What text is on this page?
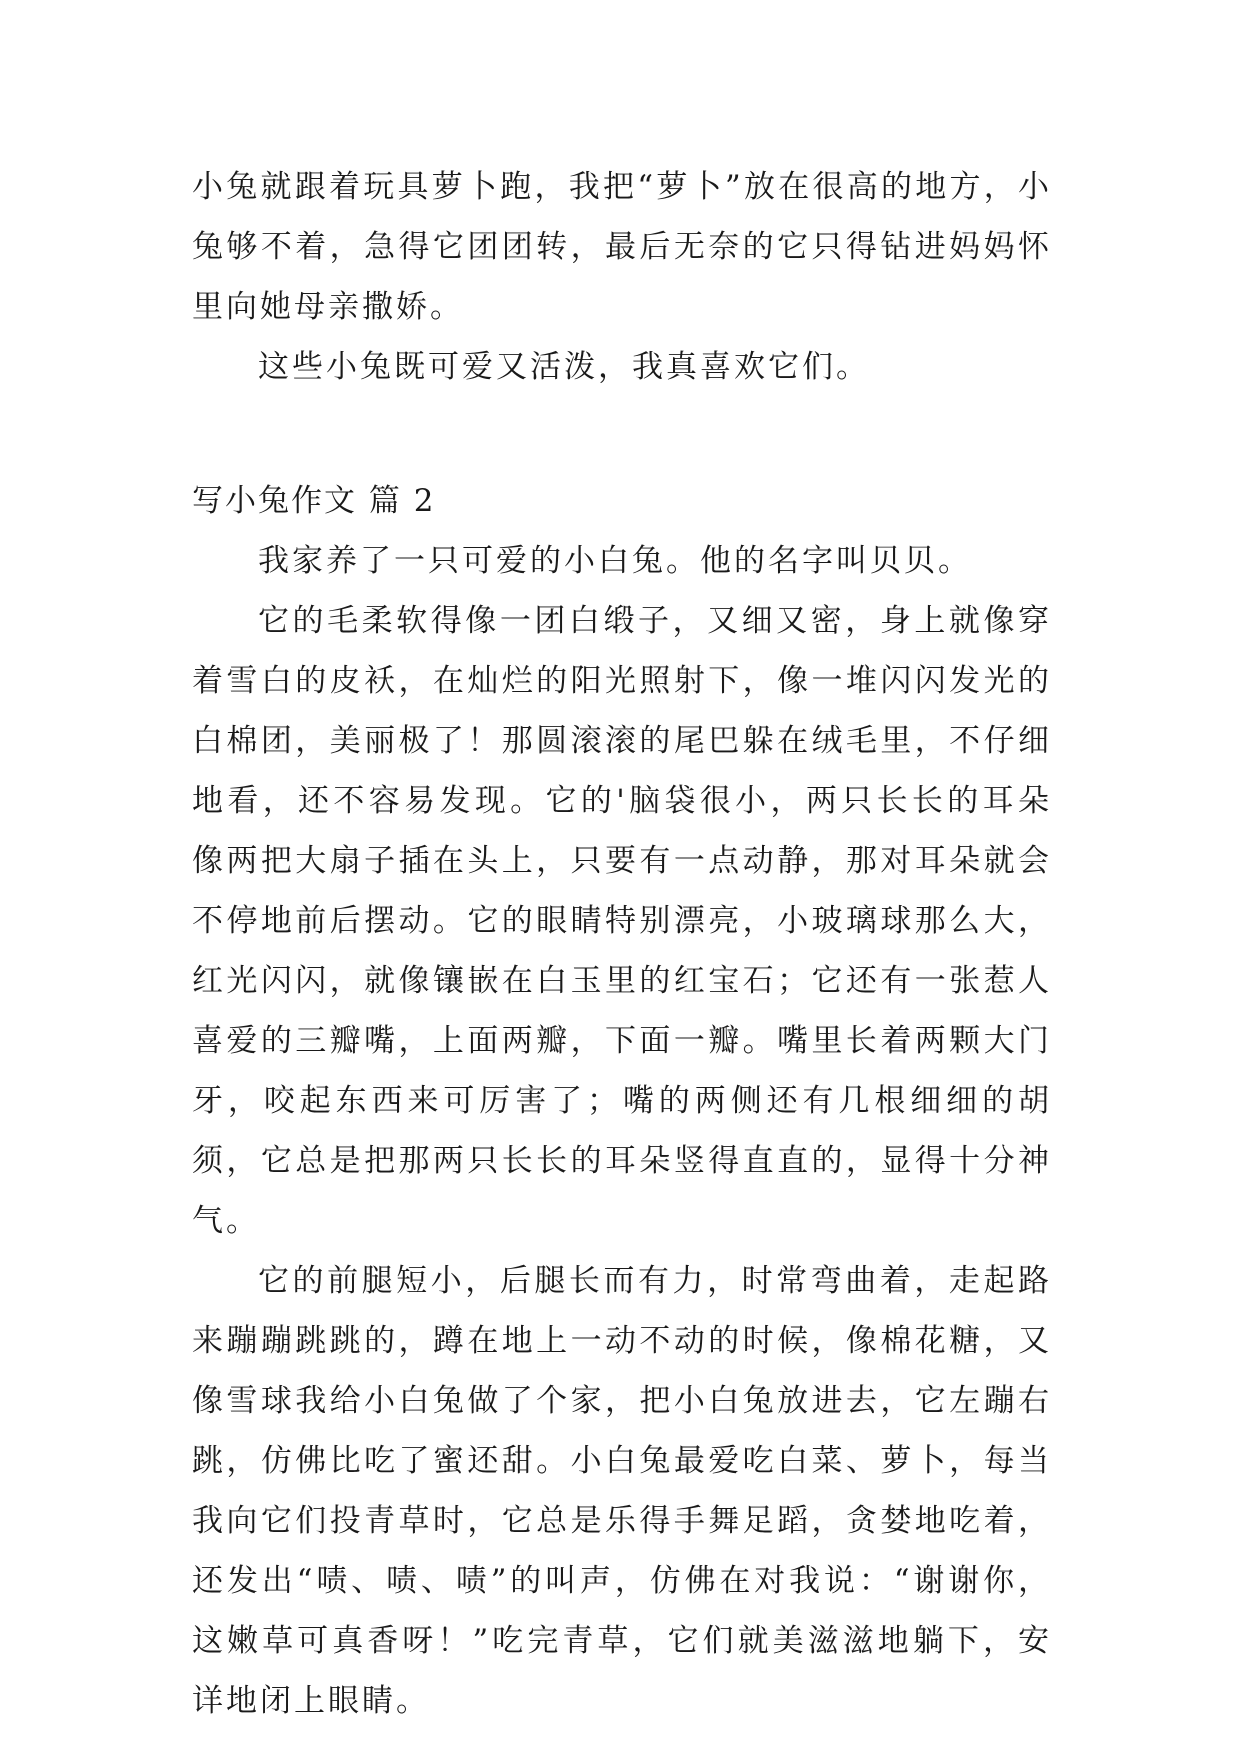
小兔就跟着玩具萝卜跑，我把“萝卜”放在很高的地方，小兔够不着，急得它团团转，最后无奈的它只得钻进妈妈怀里向她母亲撒娇。

这些小兔既可爱又活泼，我真喜欢它们。

写小兔作文 篇 2

我家养了一只可爱的小白兔。他的名字叫贝贝。

它的毛柔软得像一团白缎子，又细又密，身上就像穿着雪白的皮袄，在灿烂的阳光照射下，像一堆闪闪发光的白棉团，美丽极了！那圆滚滚的尾巴躲在绒毛里，不仔细地看，还不容易发现。它的'脑袋很小，两只长长的耳朵像两把大扇子插在头上，只要有一点动静，那对耳朵就会不停地前后摆动。它的眼睛特别漂亮，小玻璃球那么大，红光闪闪，就像镶嵌在白玉里的红宝石；它还有一张惹人喜爱的三瓣嘴，上面两瓣，下面一瓣。嘴里长着两颗大门牙，咬起东西来可厉害了；嘴的两侧还有几根细细的胡须，它总是把那两只长长的耳朵竖得直直的，显得十分神气。

它的前腿短小，后腿长而有力，时常弯曲着，走起路来蹦蹦跳跳的，蹲在地上一动不动的时候，像棉花糖，又像雪球我给小白兔做了个家，把小白兔放进去，它左蹦右跳，仿佛比吃了蜜还甜。小白兔最爱吃白菜、萝卜，每当我向它们投青草时，它总是乐得手舞足蹈，贪婪地吃着，还发出“啧、啧、啧”的叫声，仿佛在对我说：“谢谢你，这嫩草可真香呀！”吃完青草，它们就美滋滋地躺下，安详地闭上眼睛。
